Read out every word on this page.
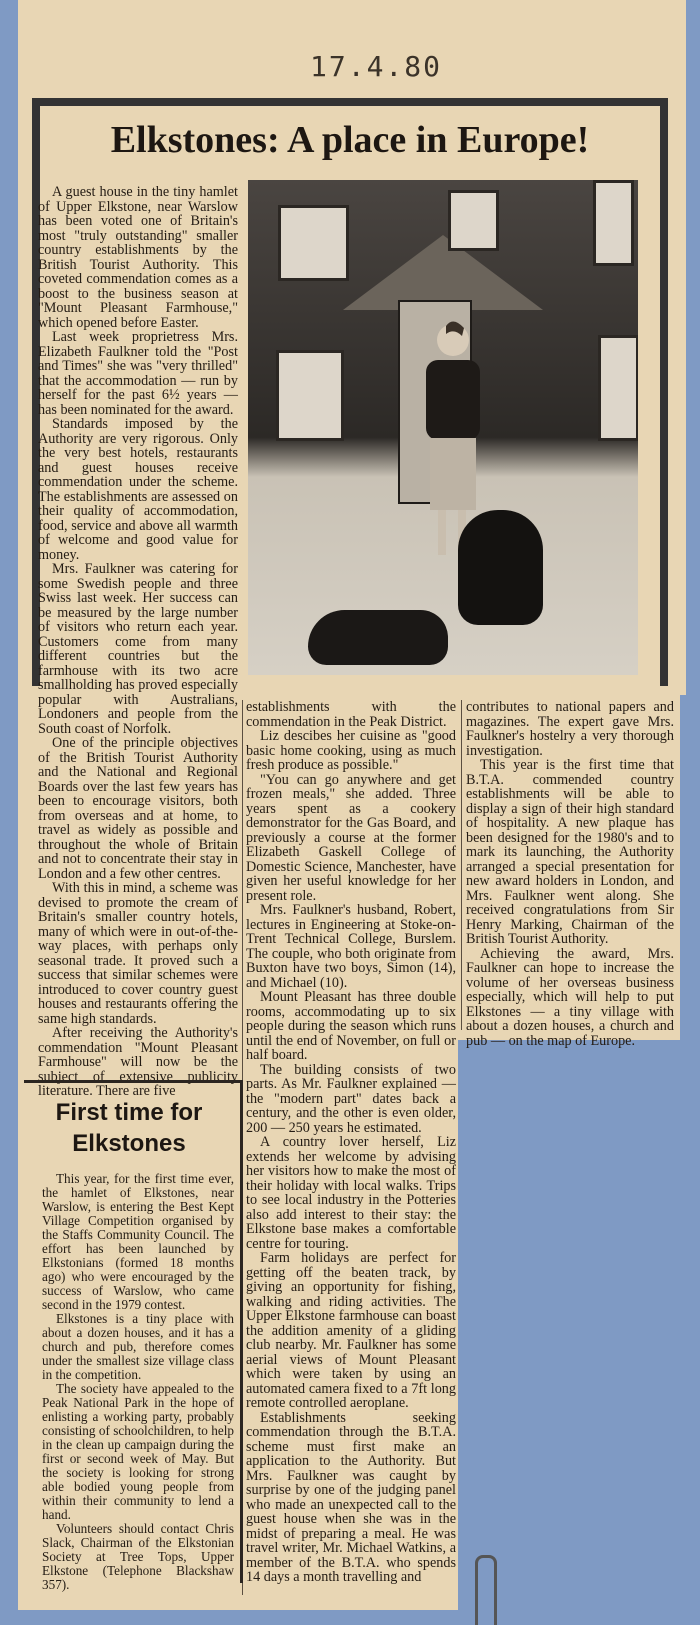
17.4.80
Elkstones: A place in Europe!

A guest house in the tiny hamlet of Upper Elkstone, near Warslow has been voted one of Britain's most "truly outstanding" smaller country establishments by the British Tourist Authority. This coveted commendation comes as a boost to the business season at "Mount Pleasant Farmhouse," which opened before Easter.

Last week proprietress Mrs. Elizabeth Faulkner told the "Post and Times" she was "very thrilled" that the accommodation — run by herself for the past 6½ years — has been nominated for the award.

Standards imposed by the Authority are very rigorous. Only the very best hotels, restaurants and guest houses receive commendation under the scheme. The establishments are assessed on their quality of accommodation, food, service and above all warmth of welcome and good value for money.

Mrs. Faulkner was catering for some Swedish people and three Swiss last week. Her success can be measured by the large number of visitors who return each year. Customers come from many different countries but the farmhouse with its two acre smallholding has proved especially popular with Australians, Londoners and people from the South coast of Norfolk.

One of the principle objectives of the British Tourist Authority and the National and Regional Boards over the last few years has been to encourage visitors, both from overseas and at home, to travel as widely as possible and throughout the whole of Britain and not to concentrate their stay in London and a few other centres.

With this in mind, a scheme was devised to promote the cream of Britain's smaller country hotels, many of which were in out-of-the-way places, with perhaps only seasonal trade. It proved such a success that similar schemes were introduced to cover country guest houses and restaurants offering the same high standards.

After receiving the Authority's commendation "Mount Pleasant Farmhouse" will now be the subject of extensive publicity literature. There are five

establishments with the commendation in the Peak District.

Liz descibes her cuisine as "good basic home cooking, using as much fresh produce as possible."

"You can go anywhere and get frozen meals," she added. Three years spent as a cookery demonstrator for the Gas Board, and previously a course at the former Elizabeth Gaskell College of Domestic Science, Manchester, have given her useful knowledge for her present role.

Mrs. Faulkner's husband, Robert, lectures in Engineering at Stoke-on-Trent Technical College, Burslem. The couple, who both originate from Buxton have two boys, Simon (14), and Michael (10).

Mount Pleasant has three double rooms, accommodating up to six people during the season which runs until the end of November, on full or half board.

The building consists of two parts. As Mr. Faulkner explained — the "modern part" dates back a century, and the other is even older, 200 — 250 years he estimated.

A country lover herself, Liz extends her welcome by advising her visitors how to make the most of their holiday with local walks. Trips to see local industry in the Potteries also add interest to their stay: the Elkstone base makes a comfortable centre for touring.

Farm holidays are perfect for getting off the beaten track, by giving an opportunity for fishing, walking and riding activities. The Upper Elkstone farmhouse can boast the addition amenity of a gliding club nearby. Mr. Faulkner has some aerial views of Mount Pleasant which were taken by using an automated camera fixed to a 7ft long remote controlled aeroplane.

Establishments seeking commendation through the B.T.A. scheme must first make an application to the Authority. But Mrs. Faulkner was caught by surprise by one of the judging panel who made an unexpected call to the guest house when she was in the midst of preparing a meal. He was travel writer, Mr. Michael Watkins, a member of the B.T.A. who spends 14 days a month travelling and

contributes to national papers and magazines. The expert gave Mrs. Faulkner's hostelry a very thorough investigation.

This year is the first time that B.T.A. commended country establishments will be able to display a sign of their high standard of hospitality. A new plaque has been designed for the 1980's and to mark its launching, the Authority arranged a special presentation for new award holders in London, and Mrs. Faulkner went along. She received congratulations from Sir Henry Marking, Chairman of the British Tourist Authority.

Achieving the award, Mrs. Faulkner can hope to increase the volume of her overseas business especially, which will help to put Elkstones — a tiny village with about a dozen houses, a church and pub — on the map of Europe.

First time for Elkstones

This year, for the first time ever, the hamlet of Elkstones, near Warslow, is entering the Best Kept Village Competition organised by the Staffs Community Council. The effort has been launched by Elkstonians (formed 18 months ago) who were encouraged by the success of Warslow, who came second in the 1979 contest.

Elkstones is a tiny place with about a dozen houses, and it has a church and pub, therefore comes under the smallest size village class in the competition.

The society have appealed to the Peak National Park in the hope of enlisting a working party, probably consisting of schoolchildren, to help in the clean up campaign during the first or second week of May. But the society is looking for strong able bodied young people from within their community to lend a hand.

Volunteers should contact Chris Slack, Chairman of the Elkstonian Society at Tree Tops, Upper Elkstone (Telephone Blackshaw 357).
